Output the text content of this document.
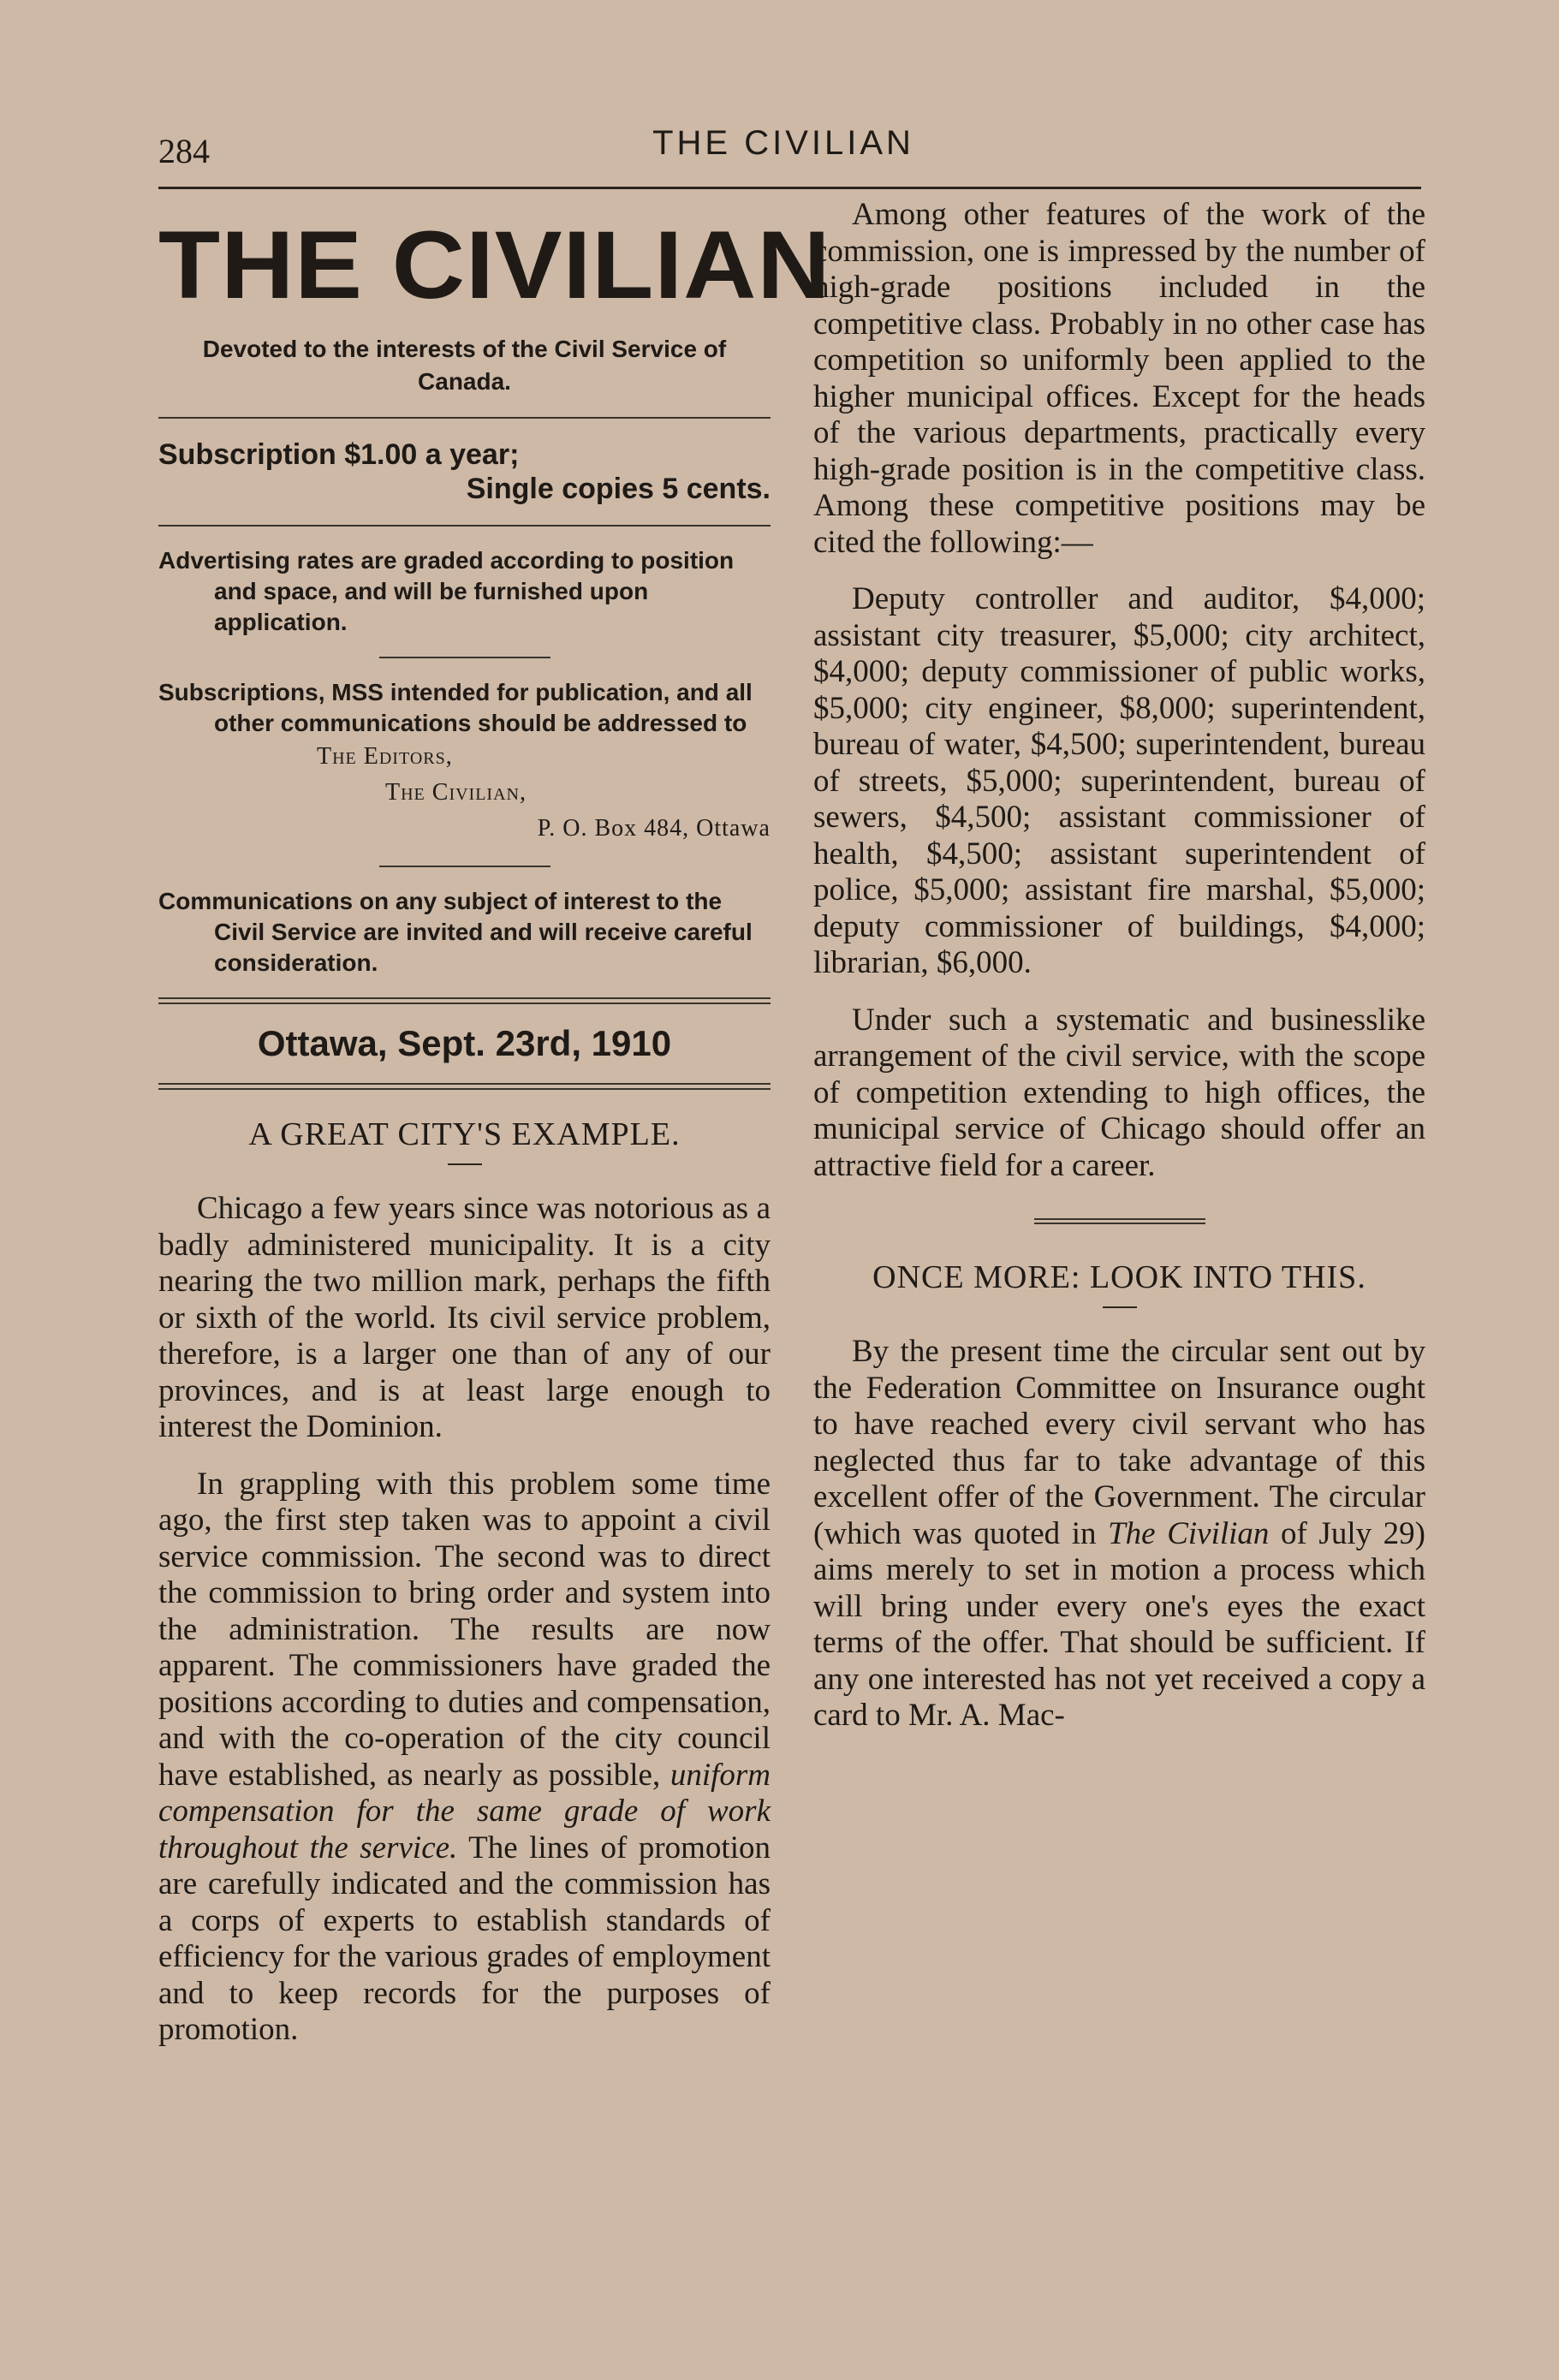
284	THE CIVILIAN
THE CIVILIAN
Devoted to the interests of the Civil Service of Canada.
Subscription $1.00 a year;
Single copies 5 cents.

Advertising rates are graded according to position and space, and will be furnished upon application.

Subscriptions, MSS intended for publication, and all other communications should be addressed to

The Editors,
The Civilian,
P. O. Box 484, Ottawa

Communications on any subject of interest to the Civil Service are invited and will receive careful consideration.

Ottawa, Sept. 23rd, 1910
A GREAT CITY'S EXAMPLE.

Chicago a few years since was notorious as a badly administered municipality. It is a city nearing the two million mark, perhaps the fifth or sixth of the world. Its civil service problem, therefore, is a larger one than of any of our provinces, and is at least large enough to interest the Dominion.

In grappling with this problem some time ago, the first step taken was to appoint a civil service commission. The second was to direct the commission to bring order and system into the administration. The results are now apparent. The commissioners have graded the positions according to duties and compensation, and with the co-operation of the city council have established, as nearly as possible, uniform compensation for the same grade of work throughout the service. The lines of promotion are carefully indicated and the commission has a corps of experts to establish standards of efficiency for the various grades of employment and to keep records for the purposes of promotion.

Among other features of the work of the commission, one is impressed by the number of high-grade positions included in the competitive class. Probably in no other case has competition so uniformly been applied to the higher municipal offices. Except for the heads of the various departments, practically every high-grade position is in the competitive class. Among these competitive positions may be cited the following:—

Deputy controller and auditor, $4,000; assistant city treasurer, $5,000; city architect, $4,000; deputy commissioner of public works, $5,000; city engineer, $8,000; superintendent, bureau of water, $4,500; superintendent, bureau of streets, $5,000; superintendent, bureau of sewers, $4,500; assistant commissioner of health, $4,500; assistant superintendent of police, $5,000; assistant fire marshal, $5,000; deputy commissioner of buildings, $4,000; librarian, $6,000.

Under such a systematic and businesslike arrangement of the civil service, with the scope of competition extending to high offices, the municipal service of Chicago should offer an attractive field for a career.

ONCE MORE: LOOK INTO THIS.

By the present time the circular sent out by the Federation Committee on Insurance ought to have reached every civil servant who has neglected thus far to take advantage of this excellent offer of the Government. The circular (which was quoted in The Civilian of July 29) aims merely to set in motion a process which will bring under every one's eyes the exact terms of the offer. That should be sufficient. If any one interested has not yet received a copy a card to Mr. A. Mac-
